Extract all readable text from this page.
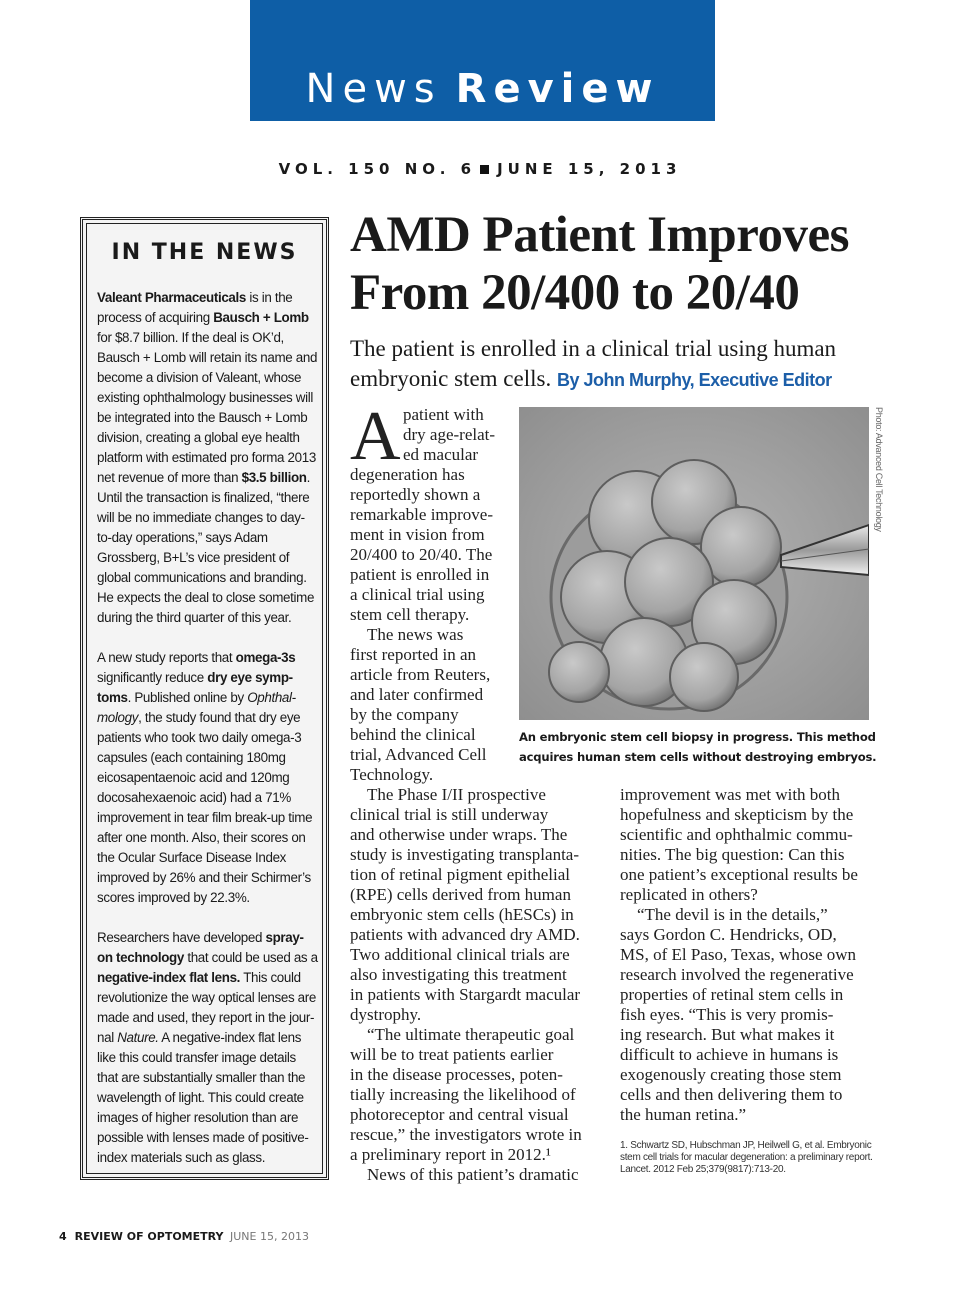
News Review
VOL. 150 NO. 6 JUNE 15, 2013
IN THE NEWS

Valeant Pharmaceuticals is in the process of acquiring Bausch + Lomb for $8.7 billion. If the deal is OK’d, Bausch + Lomb will retain its name and become a division of Valeant, whose existing ophthalmology businesses will be integrated into the Bausch + Lomb division, creating a global eye health platform with estimated pro forma 2013 net revenue of more than $3.5 billion. Until the transaction is finalized, “there will be no immediate changes to day-to-day operations,” says Adam Grossberg, B+L’s vice president of global communications and branding. He expects the deal to close sometime during the third quarter of this year.

A new study reports that omega-3s significantly reduce dry eye symptoms. Published online by Ophthalmology, the study found that dry eye patients who took two daily omega-3 capsules (each containing 180mg eicosapentaenoic acid and 120mg docosahexaenoic acid) had a 71% improvement in tear film break-up time after one month. Also, their scores on the Ocular Surface Disease Index improved by 26% and their Schirmer’s scores improved by 22.3%.

Researchers have developed spray-on technology that could be used as a negative-index flat lens. This could revolutionize the way optical lenses are made and used, they report in the journal Nature. A negative-index flat lens like this could transfer image details that are substantially smaller than the wavelength of light. This could create images of higher resolution than are possible with lenses made of positive-index materials such as glass.

AMD Patient Improves
From 20/400 to 20/40
The patient is enrolled in a clinical trial using human embryonic stem cells. By John Murphy, Executive Editor
A patient with
dry age-relat-
ed macular
degeneration has
reportedly shown a
remarkable improve-
ment in vision from
20/400 to 20/40. The
patient is enrolled in
a clinical trial using
stem cell therapy.
The news was
first reported in an
article from Reuters,
and later confirmed
by the company
behind the clinical
trial, Advanced Cell
Technology.
The Phase I/II prospective
clinical trial is still underway
and otherwise under wraps. The
study is investigating transplanta-
tion of retinal pigment epithelial
(RPE) cells derived from human
embryonic stem cells (hESCs) in
patients with advanced dry AMD.
Two additional clinical trials are
also investigating this treatment
in patients with Stargardt macular
dystrophy.
“The ultimate therapeutic goal
will be to treat patients earlier
in the disease processes, poten-
tially increasing the likelihood of
photoreceptor and central visual
rescue,” the investigators wrote in
a preliminary report in 2012.¹
News of this patient’s dramatic
improvement was met with both
hopefulness and skepticism by the
scientific and ophthalmic commu-
nities. The big question: Can this
one patient’s exceptional results be
replicated in others?
“The devil is in the details,”
says Gordon C. Hendricks, OD,
MS, of El Paso, Texas, whose own
research involved the regenerative
properties of retinal stem cells in
fish eyes. “This is very promis-
ing research. But what makes it
difficult to achieve in humans is
exogenously creating those stem
cells and then delivering them to
the human retina.”
Photo: Advanced Cell Technology
An embryonic stem cell biopsy in progress. This method
acquires human stem cells without destroying embryos.
1. Schwartz SD, Hubschman JP, Heilwell G, et al. Embryonic stem cell trials for macular degeneration: a preliminary report. Lancet. 2012 Feb 25;379(9817):713-20.
4 REVIEW OF OPTOMETRY JUNE 15, 2013
